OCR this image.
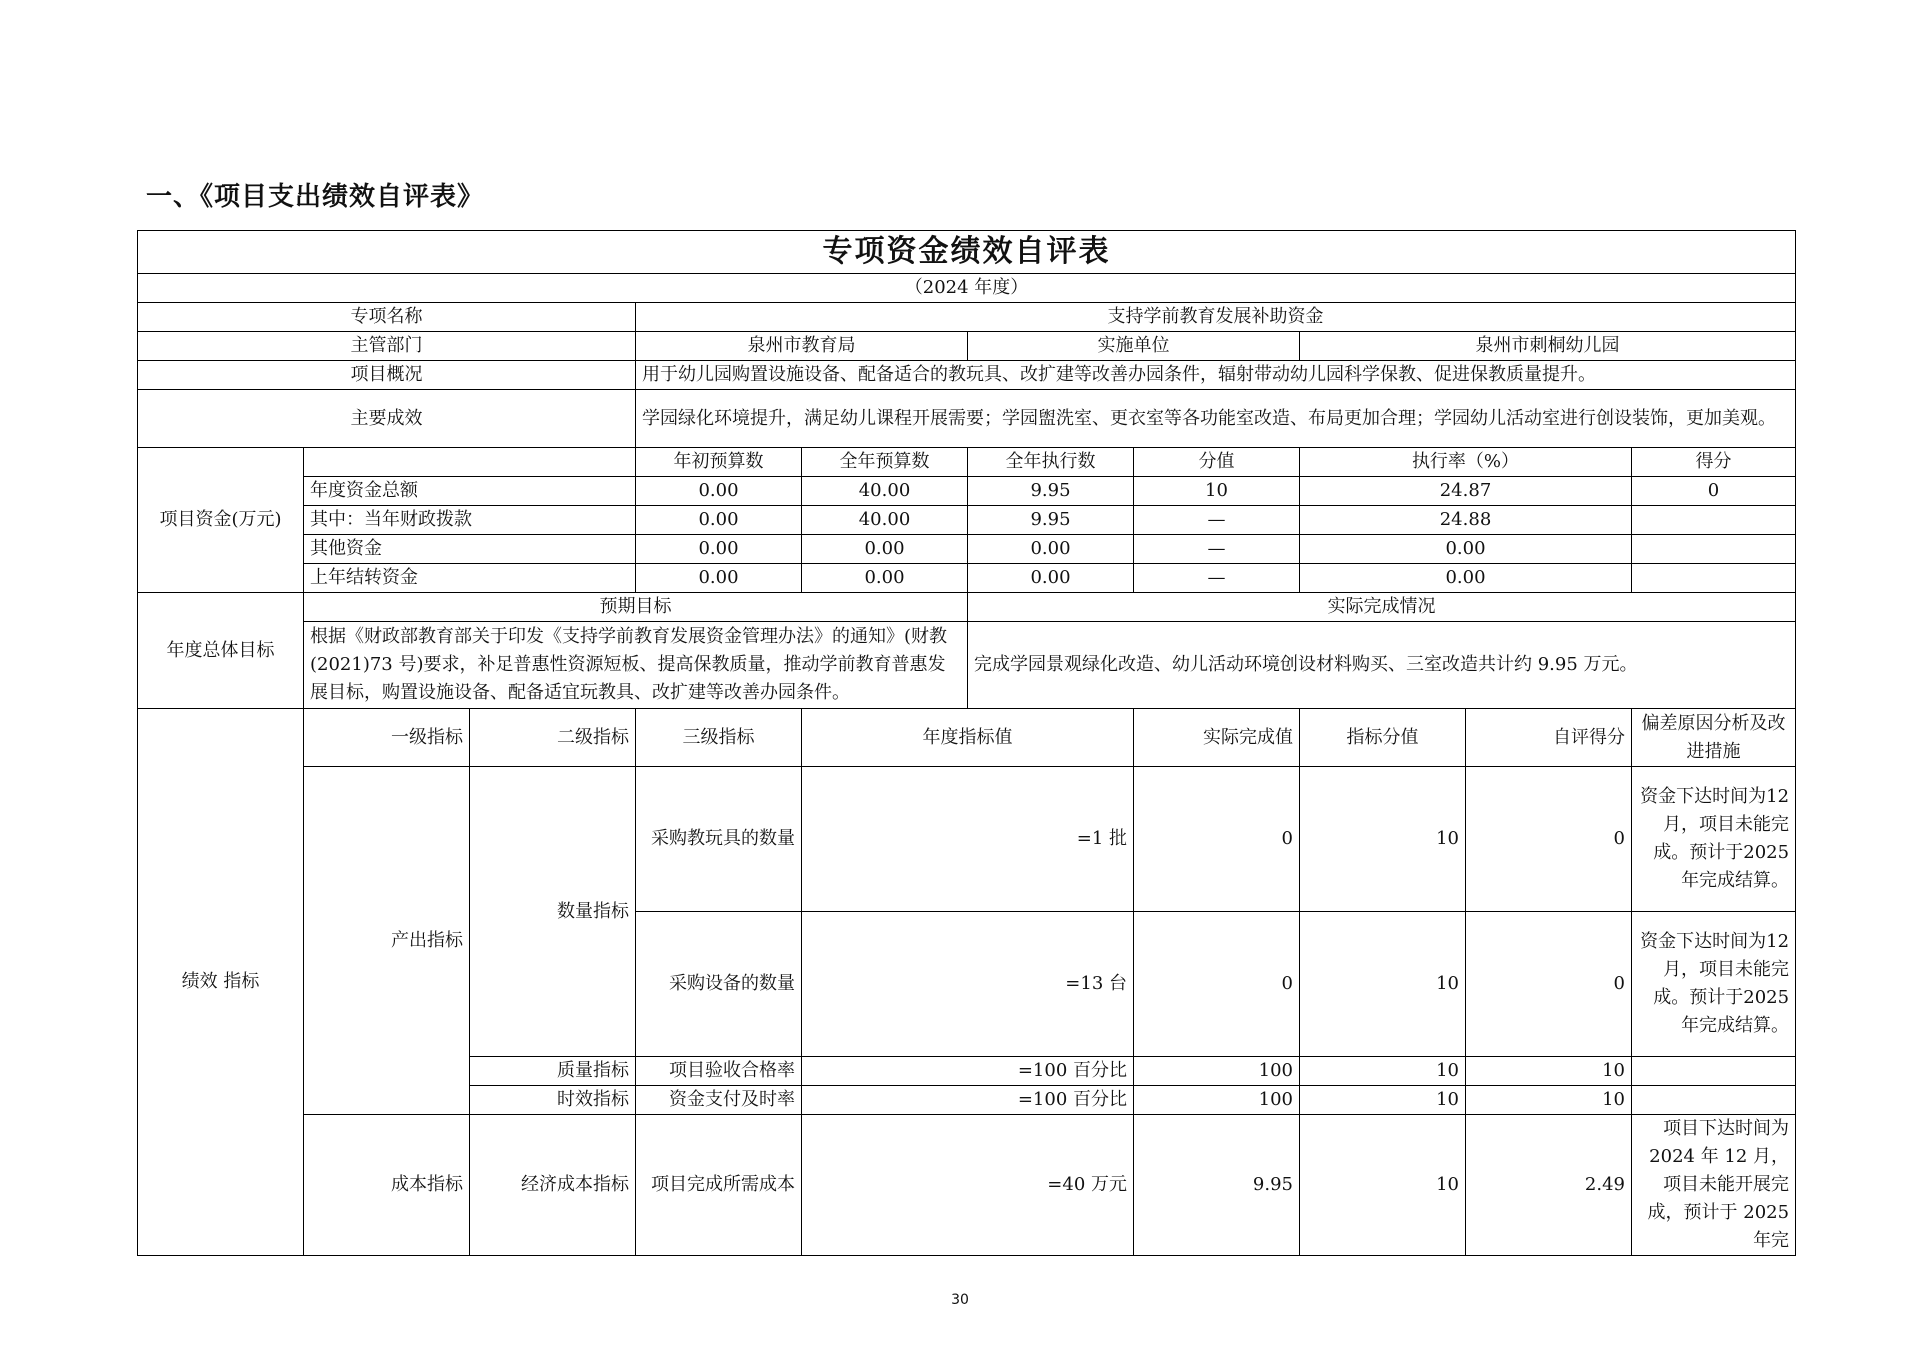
一、《项目支出绩效自评表》
专项资金绩效自评表									
（2024 年度）									
专项名称			支持学前教育发展补助资金						
主管部门			泉州市教育局		实施单位		泉州市刺桐幼儿园		
项目概况			用于幼儿园购置设施设备、配备适合的教玩具、改扩建等改善办园条件，辐射带动幼儿园科学保教、促进保教质量提升。						
主要成效			学园绿化环境提升，满足幼儿课程开展需要；学园盥洗室、更衣室等各功能室改造、布局更加合理；学园幼儿活动室进行创设装饰，更加美观。						
项目资金(万元)			年初预算数	全年预算数	全年执行数	分值	执行率（%）		得分
	年度资金总额		0.00	40.00	9.95	10	24.87		0
	其中：当年财政拨款		0.00	40.00	9.95	—	24.88		
	其他资金		0.00	0.00	0.00	—	0.00		
	上年结转资金		0.00	0.00	0.00	—	0.00		
年度总体目标	预期目标				实际完成情况				
	根据《财政部教育部关于印发《支持学前教育发展资金管理办法》的通知》(财教(2021)73 号)要求，补足普惠性资源短板、提高保教质量，推动学前教育普惠发展目标，购置设施设备、配备适宜玩教具、改扩建等改善办园条件。				完成学园景观绿化改造、幼儿活动环境创设材料购买、三室改造共计约 9.95 万元。				
绩效 指标	一级指标	二级指标	三级指标	年度指标值		实际完成值	指标分值	自评得分	偏差原因分析及改进措施
	产出指标	数量指标	采购教玩具的数量	=1 批		0	10	0	资金下达时间为12月，项目未能完成。预计于2025 年完成结算。
			采购设备的数量	=13 台		0	10	0	资金下达时间为12月，项目未能完成。预计于2025 年完成结算。
		质量指标	项目验收合格率	=100 百分比		100	10	10	
		时效指标	资金支付及时率	=100 百分比		100	10	10	
	成本指标	经济成本指标	项目完成所需成本	=40 万元		9.95	10	2.49	项目下达时间为2024 年 12 月，项目未能开展完成，预计于 2025 年完
30
